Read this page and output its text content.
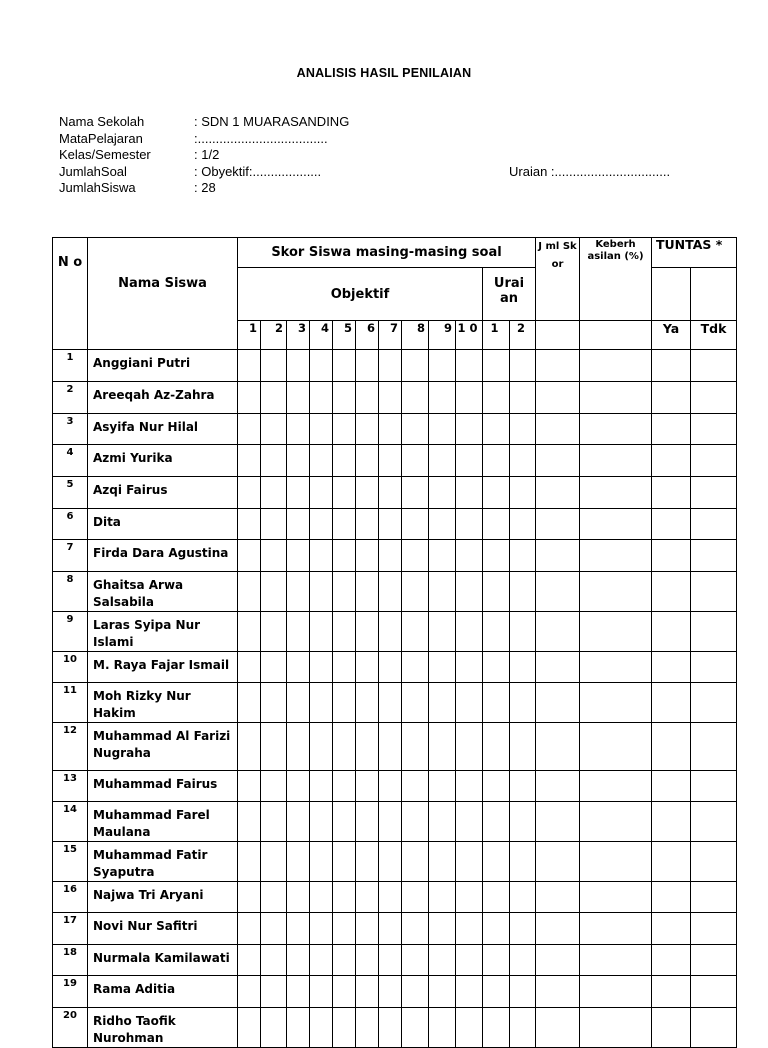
ANALISIS HASIL PENILAIAN
Nama Sekolah	: SDN 1 MUARASANDING
MataPelajaran	:....................................
Kelas/Semester	: 1/2
JumlahSoal	: Obyektif:...................	Uraian :................................
JumlahSiswa	: 28
N o	Nama Siswa	Skor Siswa masing-masing soal												J ml Sk or	Keberh asilan (%)	TUNTAS *	
		Objektif										Urai an					
		1	2	3	4	5	6	7	8	9	1 0	1	2			Ya	Tdk
1	Anggiani Putri																
2	Areeqah Az-Zahra																
3	Asyifa Nur Hilal																
4	Azmi Yurika																
5	Azqi Fairus																
6	Dita																
7	Firda Dara Agustina																
8	Ghaitsa Arwa Salsabila																
9	Laras Syipa Nur Islami																
10	M. Raya Fajar Ismail																
11	Moh Rizky Nur Hakim																
12	Muhammad Al Farizi Nugraha																
13	Muhammad Fairus																
14	Muhammad Farel Maulana																
15	Muhammad Fatir Syaputra																
16	Najwa Tri Aryani																
17	Novi Nur Safitri																
18	Nurmala Kamilawati																
19	Rama Aditia																
20	Ridho Taofik Nurohman																
